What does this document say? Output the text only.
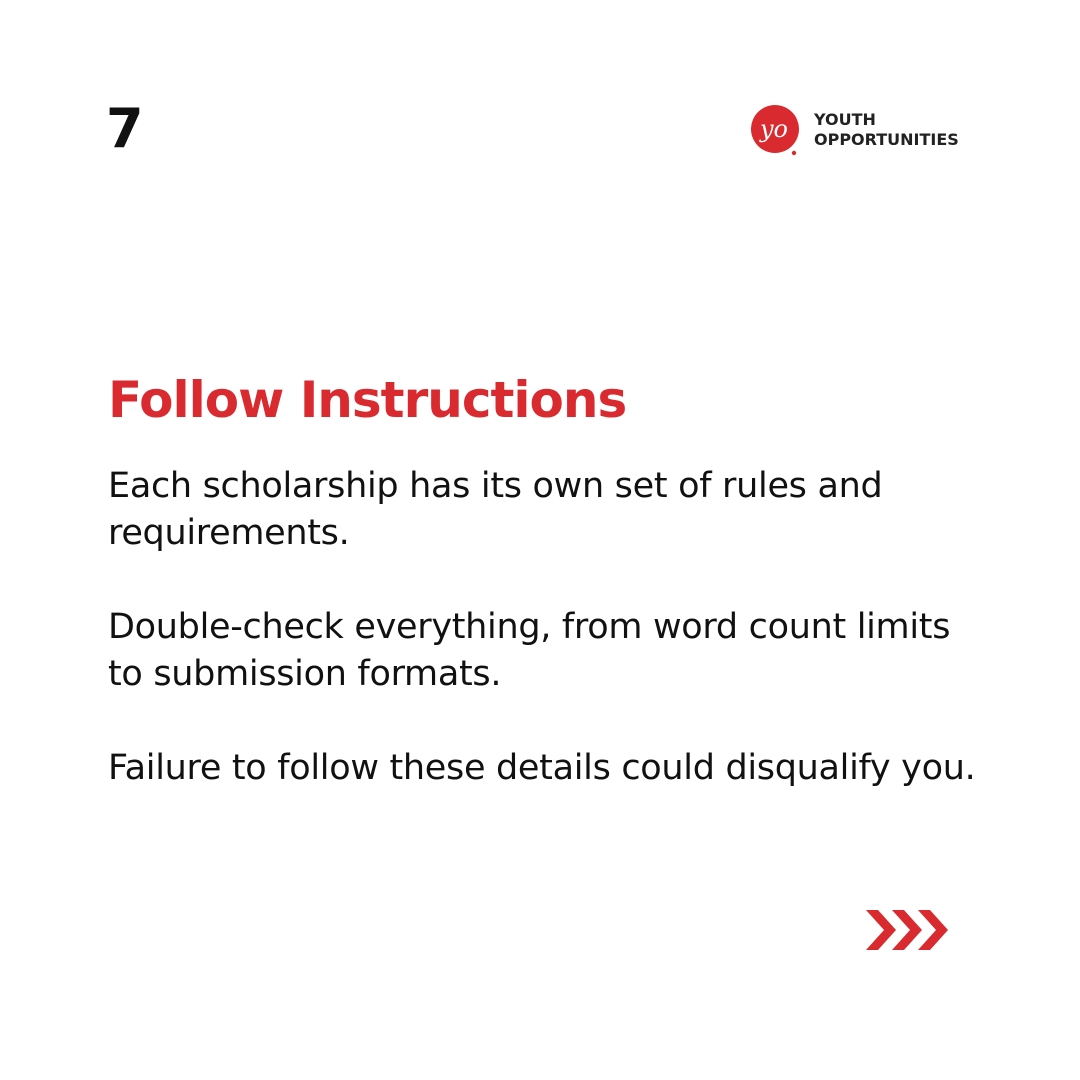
7	yo YOUTH
OPPORTUNITIES
Follow Instructions

Each scholarship has its own set of rules and requirements.

Double-check everything, from word count limits to submission formats.

Failure to follow these details could disqualify you.
